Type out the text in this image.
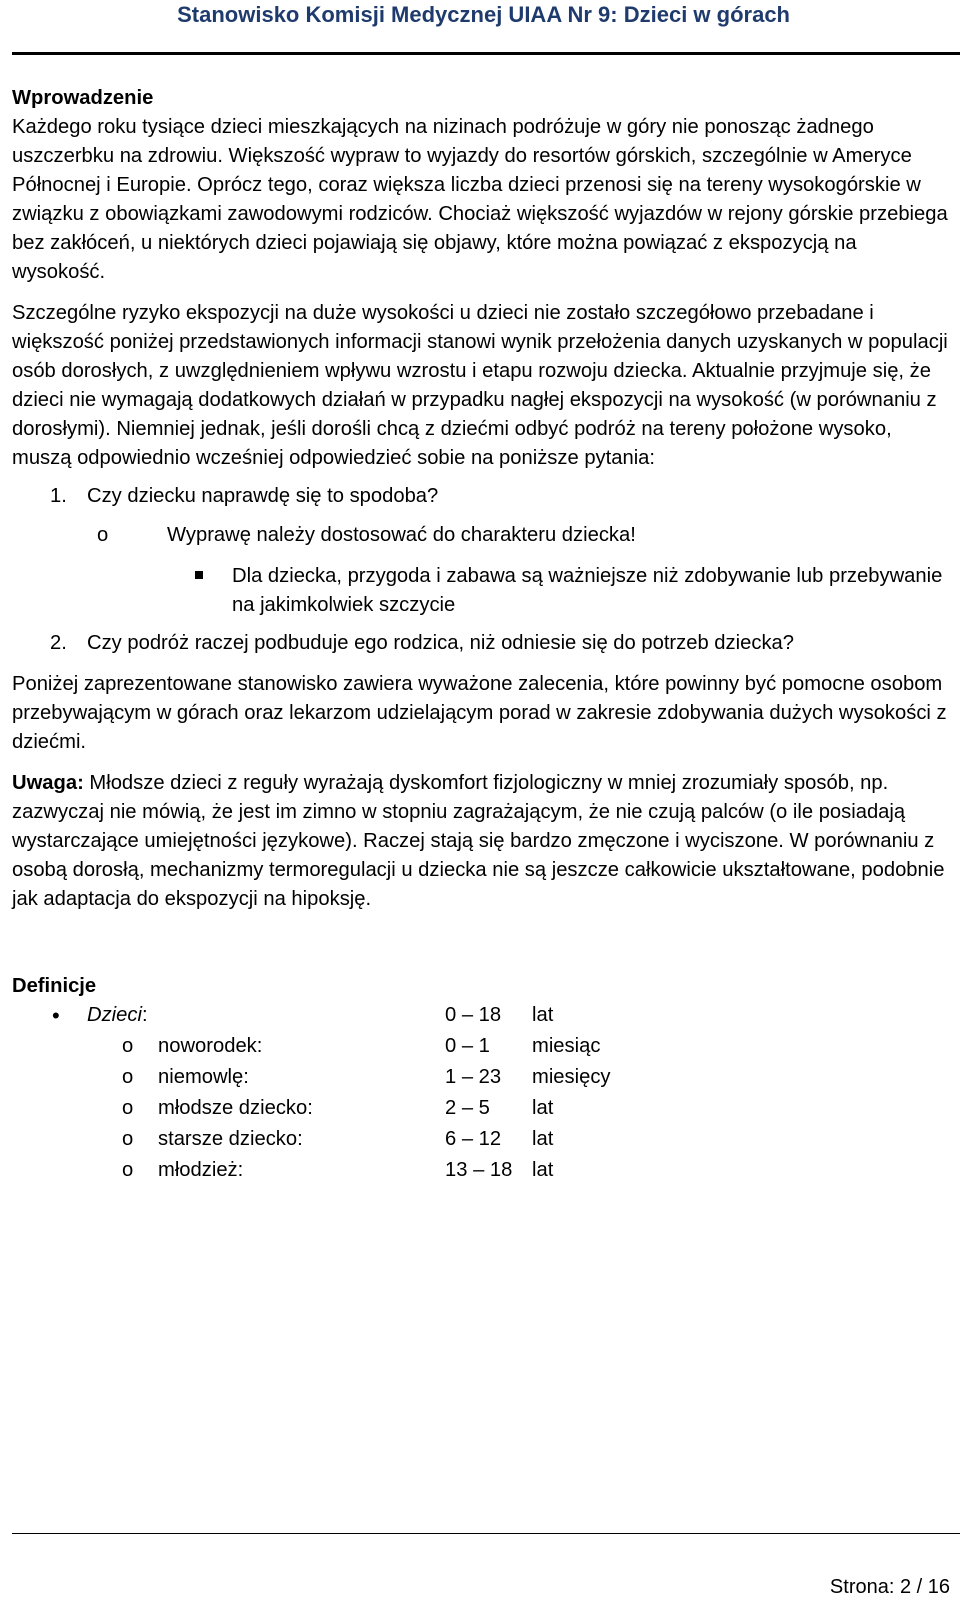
Stanowisko Komisji Medycznej UIAA Nr 9: Dzieci w górach

Wprowadzenie

Każdego roku tysiące dzieci mieszkających na nizinach podróżuje w góry nie ponosząc żadnego uszczerbku na zdrowiu. Większość wypraw to wyjazdy do resortów górskich, szczególnie w Ameryce Północnej i Europie. Oprócz tego, coraz większa liczba dzieci przenosi się na tereny wysokogórskie w związku z obowiązkami zawodowymi rodziców. Chociaż większość wyjazdów w rejony górskie przebiega bez zakłóceń, u niektórych dzieci pojawiają się objawy, które można powiązać z ekspozycją na wysokość.

Szczególne ryzyko ekspozycji na duże wysokości u dzieci nie zostało szczegółowo przebadane i większość poniżej przedstawionych informacji stanowi wynik przełożenia danych uzyskanych w populacji osób dorosłych, z uwzględnieniem wpływu wzrostu i etapu rozwoju dziecka. Aktualnie przyjmuje się, że dzieci nie wymagają dodatkowych działań w przypadku nagłej ekspozycji na wysokość (w porównaniu z dorosłymi). Niemniej jednak, jeśli dorośli chcą z dziećmi odbyć podróż na tereny położone wysoko, muszą odpowiednio wcześniej odpowiedzieć sobie na poniższe pytania:

1. Czy dziecku naprawdę się to spodoba?

o	Wyprawę należy dostosować do charakteru dziecka!

Dla dziecka, przygoda i zabawa są ważniejsze niż zdobywanie lub przebywanie na jakimkolwiek szczycie

2. Czy podróż raczej podbuduje ego rodzica, niż odniesie się do potrzeb dziecka?

Poniżej zaprezentowane stanowisko zawiera wyważone zalecenia, które powinny być pomocne osobom przebywającym w górach oraz lekarzom udzielającym porad w zakresie zdobywania dużych wysokości z dziećmi.

Uwaga: Młodsze dzieci z reguły wyrażają dyskomfort fizjologiczny w mniej zrozumiały sposób, np. zazwyczaj nie mówią, że jest im zimno w stopniu zagrażającym, że nie czują palców (o ile posiadają wystarczające umiejętności językowe). Raczej stają się bardzo zmęczone i wyciszone. W porównaniu z osobą dorosłą, mechanizmy termoregulacji u dziecka nie są jeszcze całkowicie ukształtowane, podobnie jak adaptacja do ekspozycji na hipoksję.

Definicje

• Dzieci:	0 – 18 lat
o noworodek:	0 – 1 miesiąc
o niemowlę:	1 – 23 miesięcy
o młodsze dziecko:	2 – 5 lat
o starsze dziecko:	6 – 12 lat
o młodzież:	13 – 18 lat
Strona: 2 / 16
